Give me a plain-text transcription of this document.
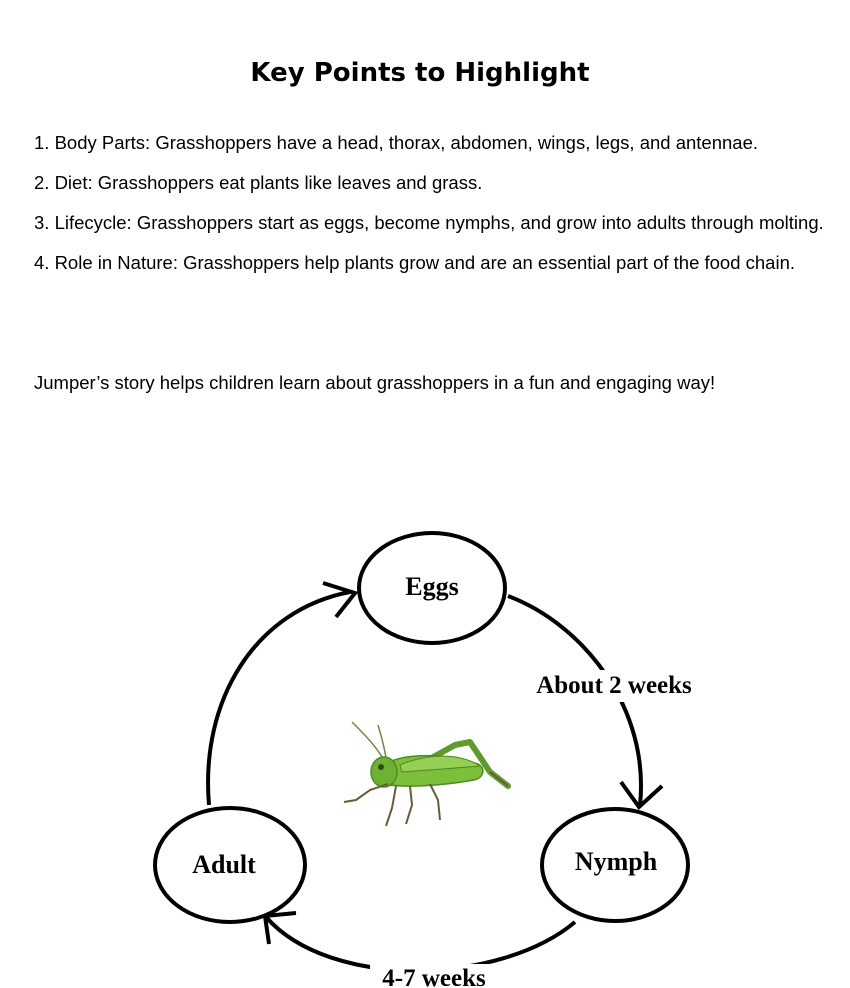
Key Points to Highlight

1. Body Parts: Grasshoppers have a head, thorax, abdomen, wings, legs, and antennae.

2. Diet: Grasshoppers eat plants like leaves and grass.

3. Lifecycle: Grasshoppers start as eggs, become nymphs, and grow into adults through molting.

4. Role in Nature: Grasshoppers help plants grow and are an essential part of the food chain.

Jumper’s story helps children learn about grasshoppers in a fun and engaging way!
Eggs
Adult	Nymph
About 2 weeks
4-7 weeks
